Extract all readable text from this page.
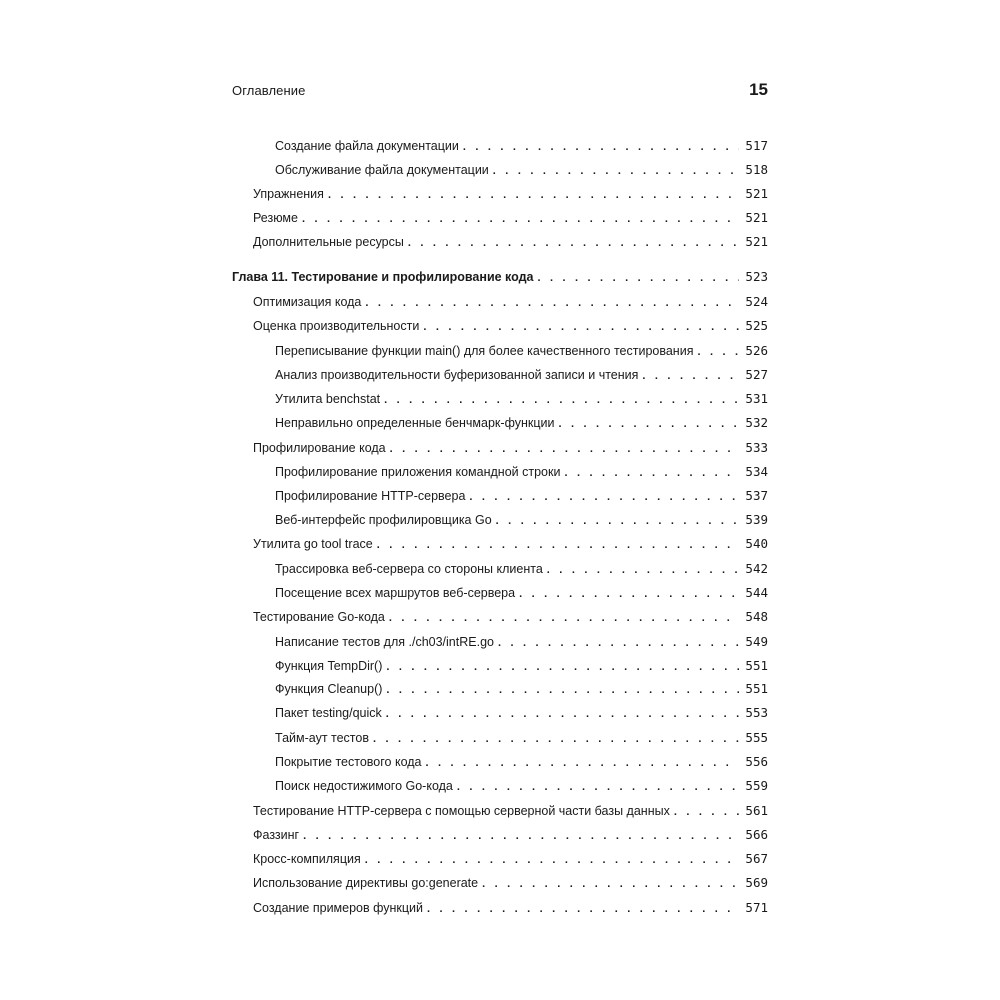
Оглавление	15
Создание файла документации . . .	517
Обслуживание файла документации . . .	518
Упражнения . . .	521
Резюме . . .	521
Дополнительные ресурсы . . .	521
Глава 11. Тестирование и профилирование кода . . .	523
Оптимизация кода . . .	524
Оценка производительности . . .	525
Переписывание функции main() для более качественного тестирования . . .	526
Анализ производительности буферизованной записи и чтения . . .	527
Утилита benchstat . . .	531
Неправильно определенные бенчмарк-функции . . .	532
Профилирование кода . . .	533
Профилирование приложения командной строки . . .	534
Профилирование HTTP-сервера . . .	537
Веб-интерфейс профилировщика Go . . .	539
Утилита go tool trace . . .	540
Трассировка веб-сервера со стороны клиента . . .	542
Посещение всех маршрутов веб-сервера . . .	544
Тестирование Go-кода . . .	548
Написание тестов для ./ch03/intRE.go . . .	549
Функция TempDir() . . .	551
Функция Cleanup() . . .	551
Пакет testing/quick . . .	553
Тайм-аут тестов . . .	555
Покрытие тестового кода . . .	556
Поиск недостижимого Go-кода . . .	559
Тестирование HTTP-сервера с помощью серверной части базы данных . . .	561
Фаззинг . . .	566
Кросс-компиляция . . .	567
Использование директивы go:generate . . .	569
Создание примеров функций . . .	571
